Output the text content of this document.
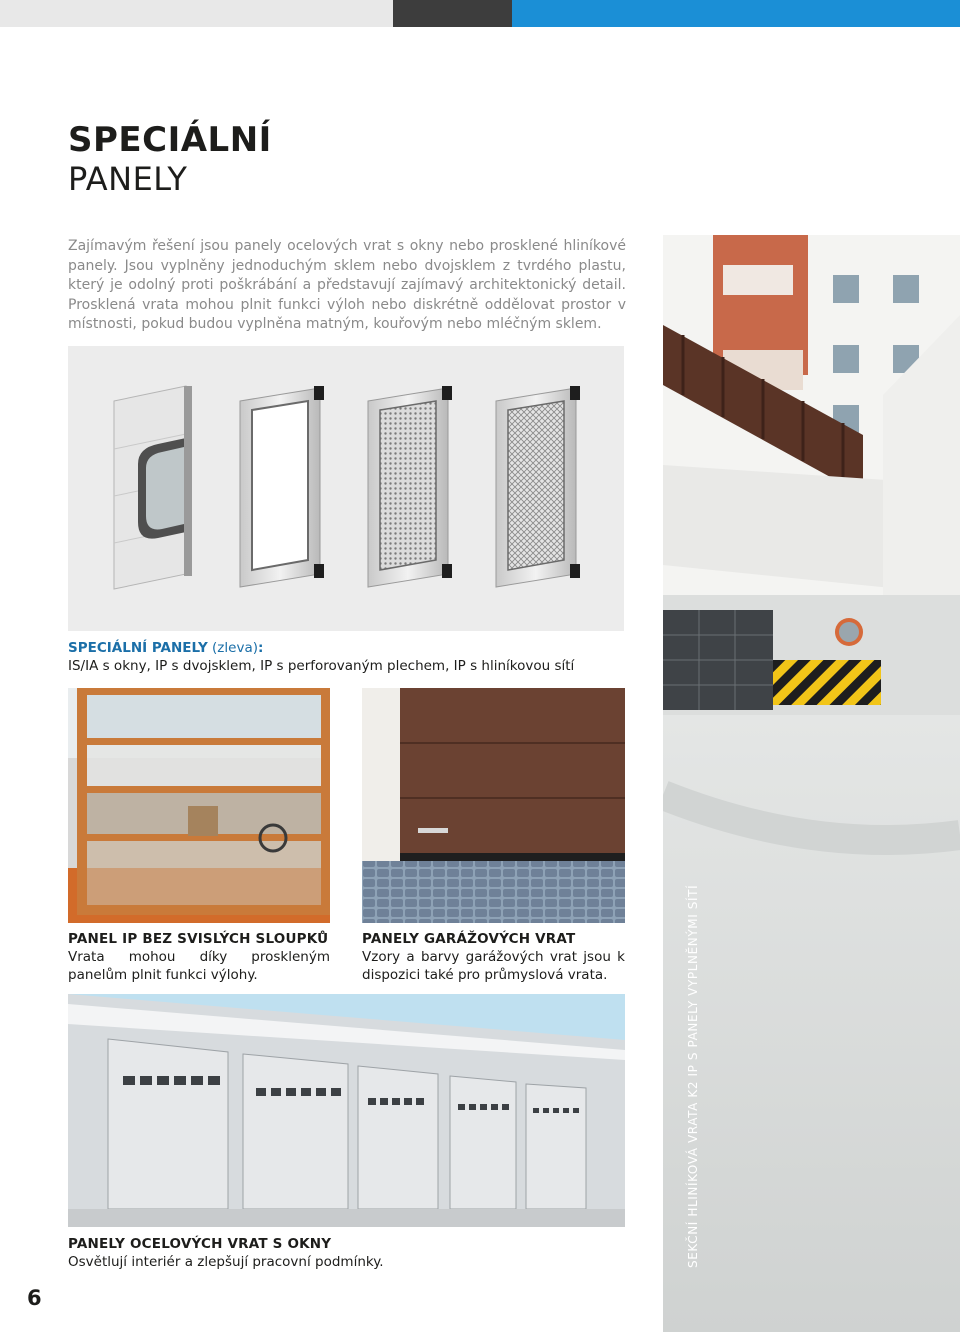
SPECIÁLNÍ
PANELY

Zajímavým řešení jsou panely ocelových vrat s okny nebo prosklené hliníkové panely. Jsou vyplněny jednoduchým sklem nebo dvojsklem z tvrdého plastu, který je odolný proti poškrábání a představují zajímavý architektonický detail. Prosklená vrata mohou plnit funkci výloh nebo diskrétně oddělovat prostor v místnosti, pokud budou vyplněna matným, kouřovým nebo mléčným sklem.

SPECIÁLNÍ PANELY (zleva):
IS/IA s okny, IP s dvojsklem, IP s perforovaným plechem, IP s hliníkovou sítí
PANEL IP BEZ SVISLÝCH SLOUPKŮ
Vrata mohou díky proskleným panelům plnit funkci výlohy.
PANELY GARÁŽOVÝCH VRAT
Vzory a barvy garážových vrat jsou k dispozici také pro průmyslová vrata.
PANELY OCELOVÝCH VRAT S OKNY
Osvětlují interiér a zlepšují pracovní podmínky.	SEKČNÍ HLINÍKOVÁ VRATA K2 IP S PANELY VYPLNĚNÝMI SÍTÍ
6
